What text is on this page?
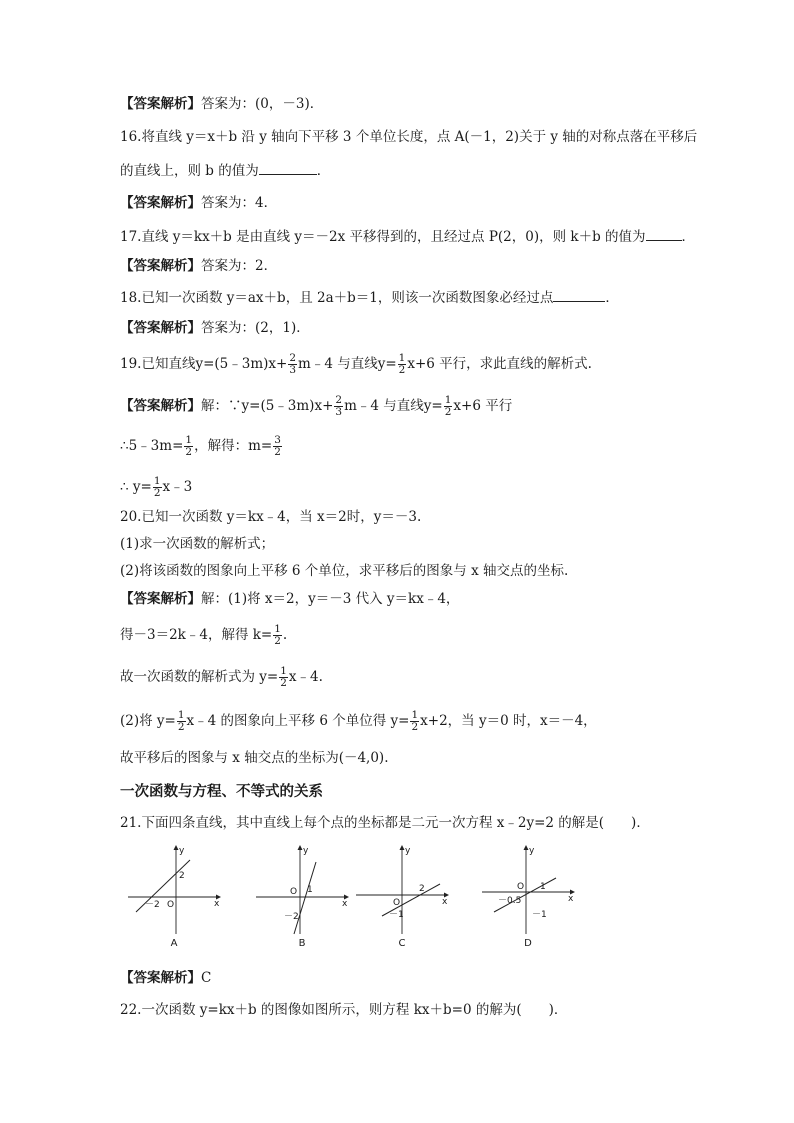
【答案解析】答案为：(0，－3)．
16.将直线 y＝x＋b 沿 y 轴向下平移 3 个单位长度，点 A(－1，2)关于 y 轴的对称点落在平移后
的直线上，则 b 的值为	．
【答案解析】答案为：4．
17.直线 y＝kx＋b 是由直线 y＝－2x 平移得到的，且经过点 P(2，0)，则 k＋b 的值为	．
【答案解析】答案为：2．
18.已知一次函数 y＝ax＋b，且 2a＋b＝1，则该一次函数图象必经过点	．
【答案解析】答案为：(2，1)．
19.已知直线y=(5﹣3m)x+ $\frac{2}{3}$ m﹣4 与直线$y= \frac{1}{2} x+6$ 平行，求此直线的解析式.
【答案解析】解：∵y=(5﹣3m)x+ $\frac{2}{3}$ m﹣4 与直线$y= \frac{1}{2} x+6$ 平行
∴5﹣3m= $\frac{1}{2}$ ，解得：$m= \frac{3}{2}$
∴ $y= \frac{1}{2}$ x﹣3
20.已知一次函数 y＝kx﹣4，当 x＝2时，y＝－3.
(1)求一次函数的解析式；
(2)将该函数的图象向上平移 6 个单位，求平移后的图象与 x 轴交点的坐标.
【答案解析】解：(1)将 x＝2，y＝－3 代入 y＝kx﹣4，
得－3＝2k﹣4，解得 $k= \frac{1}{2}$ .
故一次函数的解析式为 $y= \frac{1}{2}$ x﹣4.
(2)将 $y= \frac{1}{2}$ x﹣4 的图象向上平移 6 个单位得 $y= \frac{1}{2} x+2$，当 y＝0 时，x＝－4，
故平移后的图象与 x 轴交点的坐标为(－4,0).
一次函数与方程、不等式的关系
21.下面四条直线，其中直线上每个点的坐标都是二元一次方程 x﹣2y=2 的解是(　　)．
y
x
O
2
－2
A
y
x
O 1
－2
B
y
x
O
2
－1
C
y
x
O 1
－0.5
－1
D
【答案解析】C
22.一次函数 y=kx＋b 的图像如图所示，则方程 kx＋b=0 的解为(　　)．
